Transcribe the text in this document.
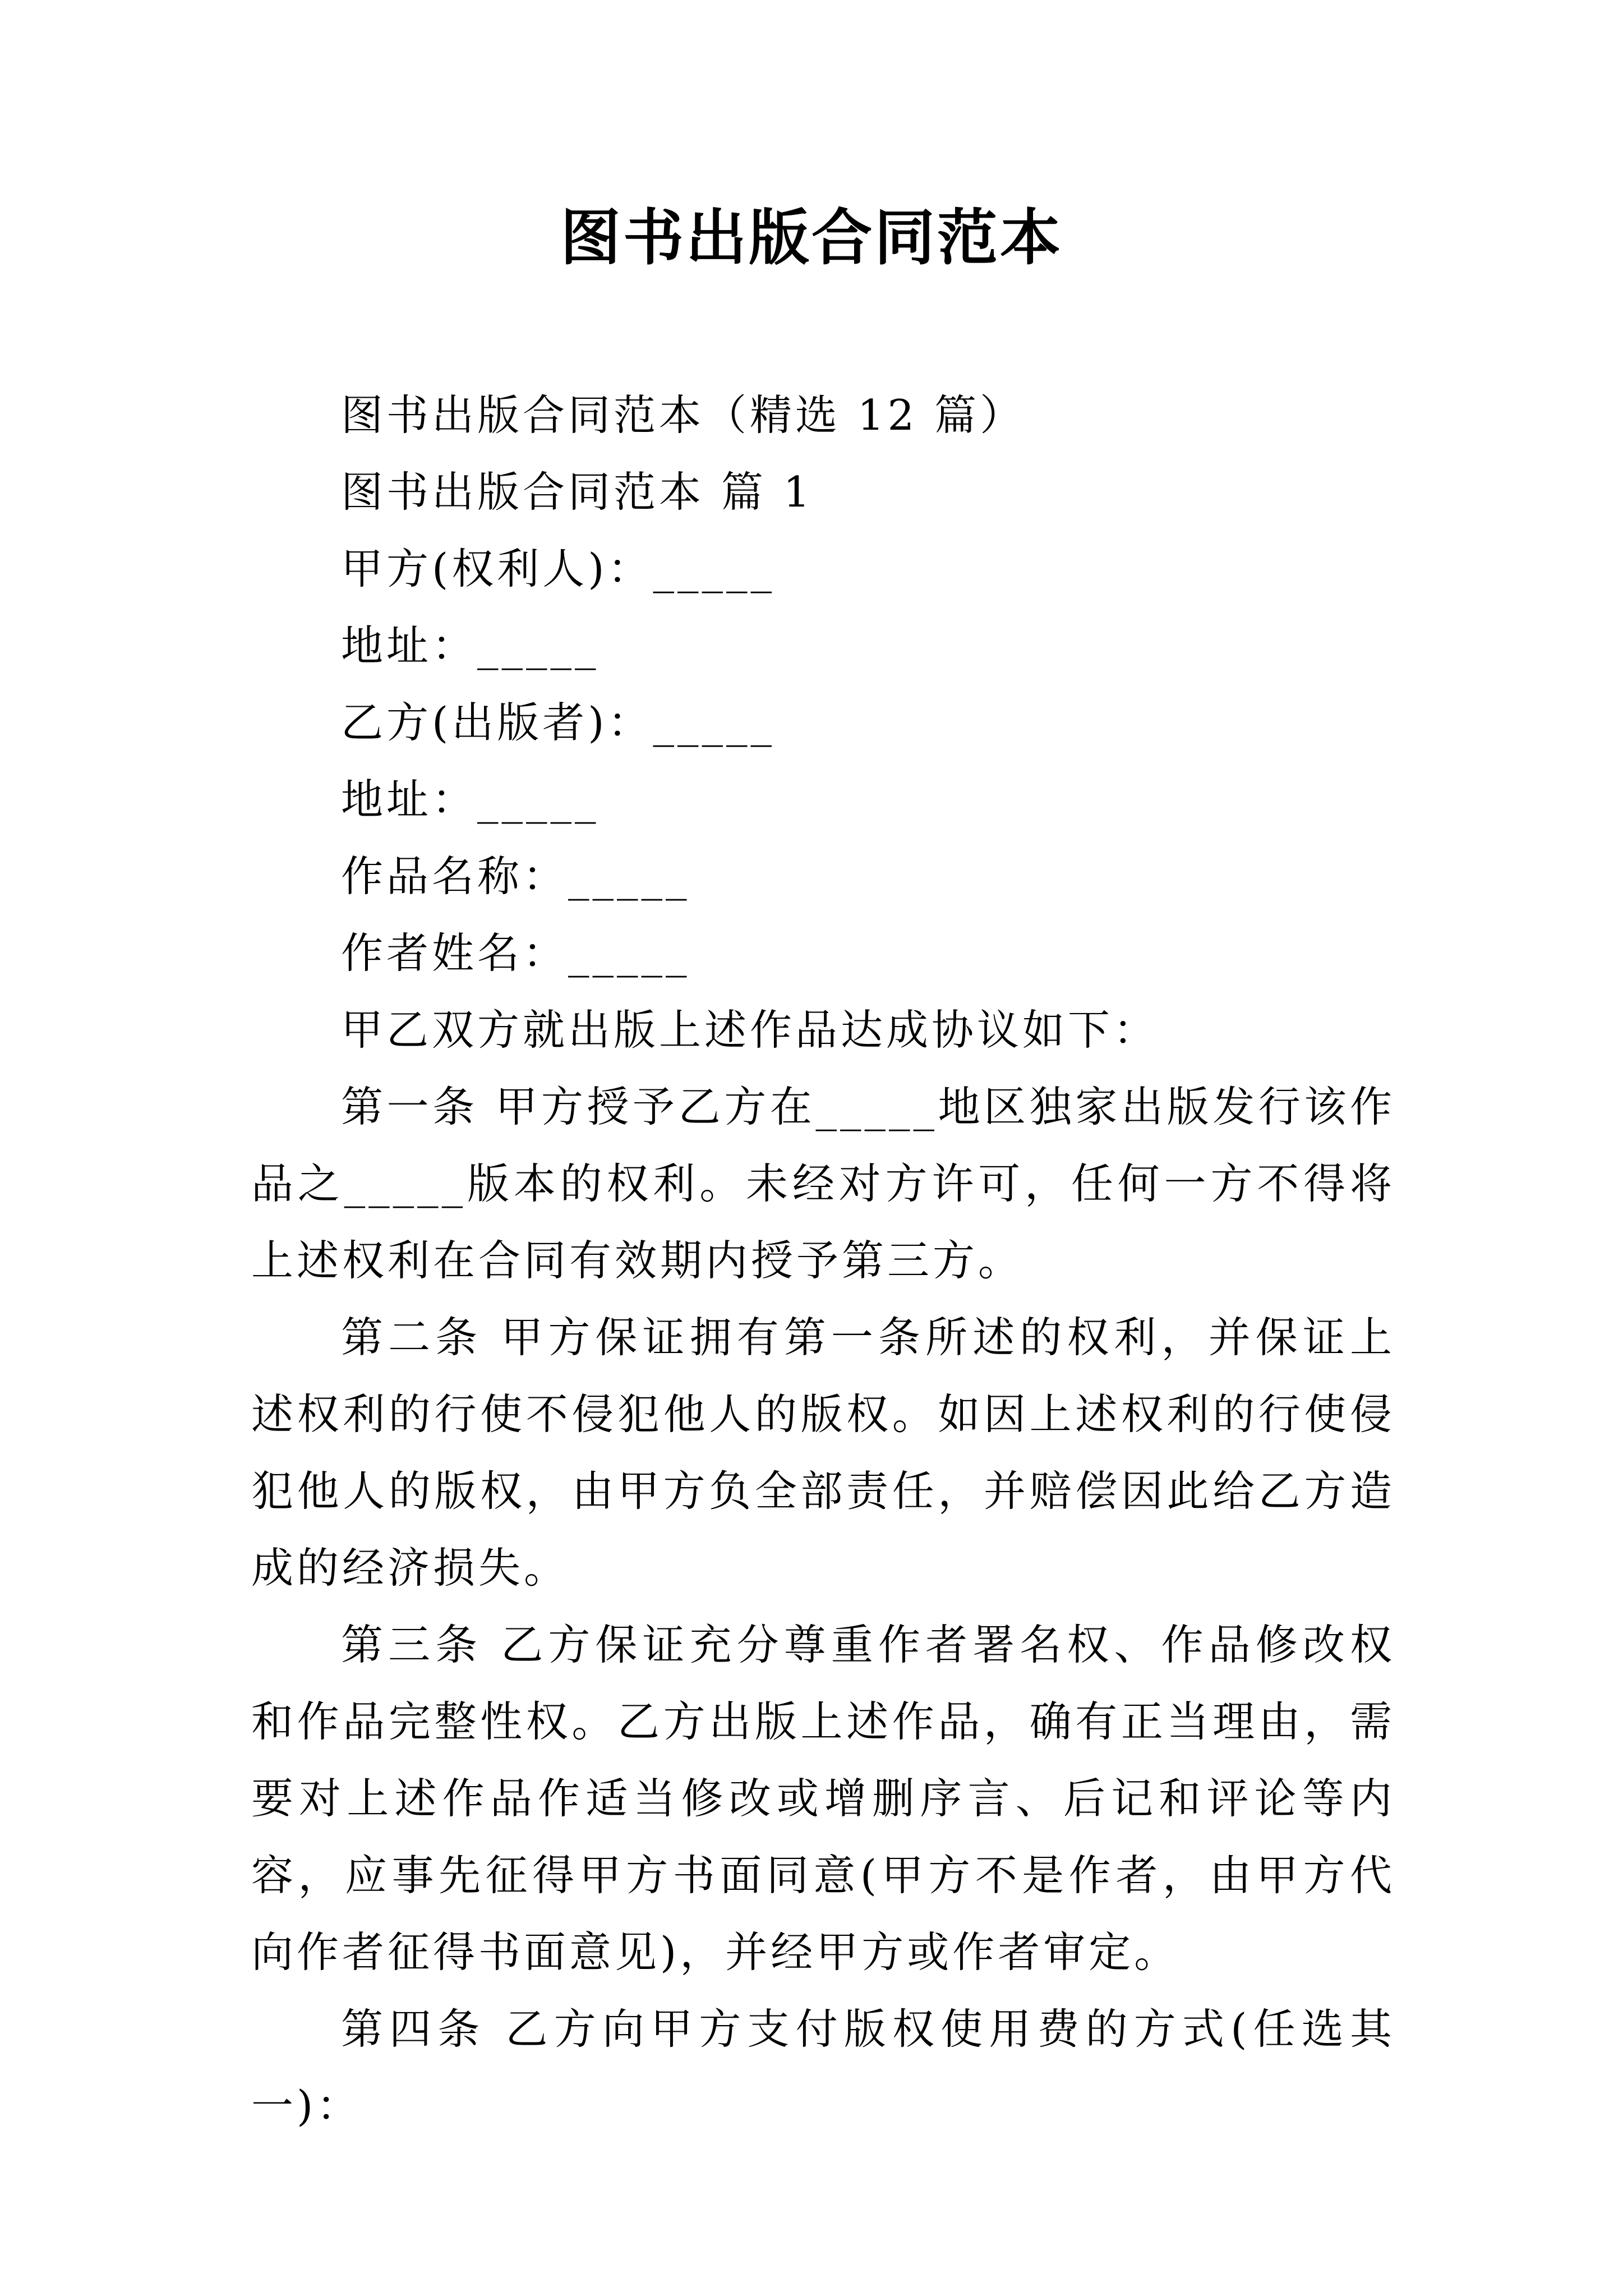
图书出版合同范本

图书出版合同范本（精选 12 篇）

图书出版合同范本 篇 1

甲方(权利人)：_____

地址：_____

乙方(出版者)：_____

地址：_____

作品名称：_____

作者姓名：_____

甲乙双方就出版上述作品达成协议如下：

第一条 甲方授予乙方在_____地区独家出版发行该作品之_____版本的权利。未经对方许可，任何一方不得将上述权利在合同有效期内授予第三方。

第二条 甲方保证拥有第一条所述的权利，并保证上述权利的行使不侵犯他人的版权。如因上述权利的行使侵犯他人的版权，由甲方负全部责任，并赔偿因此给乙方造成的经济损失。

第三条 乙方保证充分尊重作者署名权、作品修改权和作品完整性权。乙方出版上述作品，确有正当理由，需要对上述作品作适当修改或增删序言、后记和评论等内容，应事先征得甲方书面同意(甲方不是作者，由甲方代向作者征得书面意见)，并经甲方或作者审定。

第四条 乙方向甲方支付版权使用费的方式(任选其一)：
